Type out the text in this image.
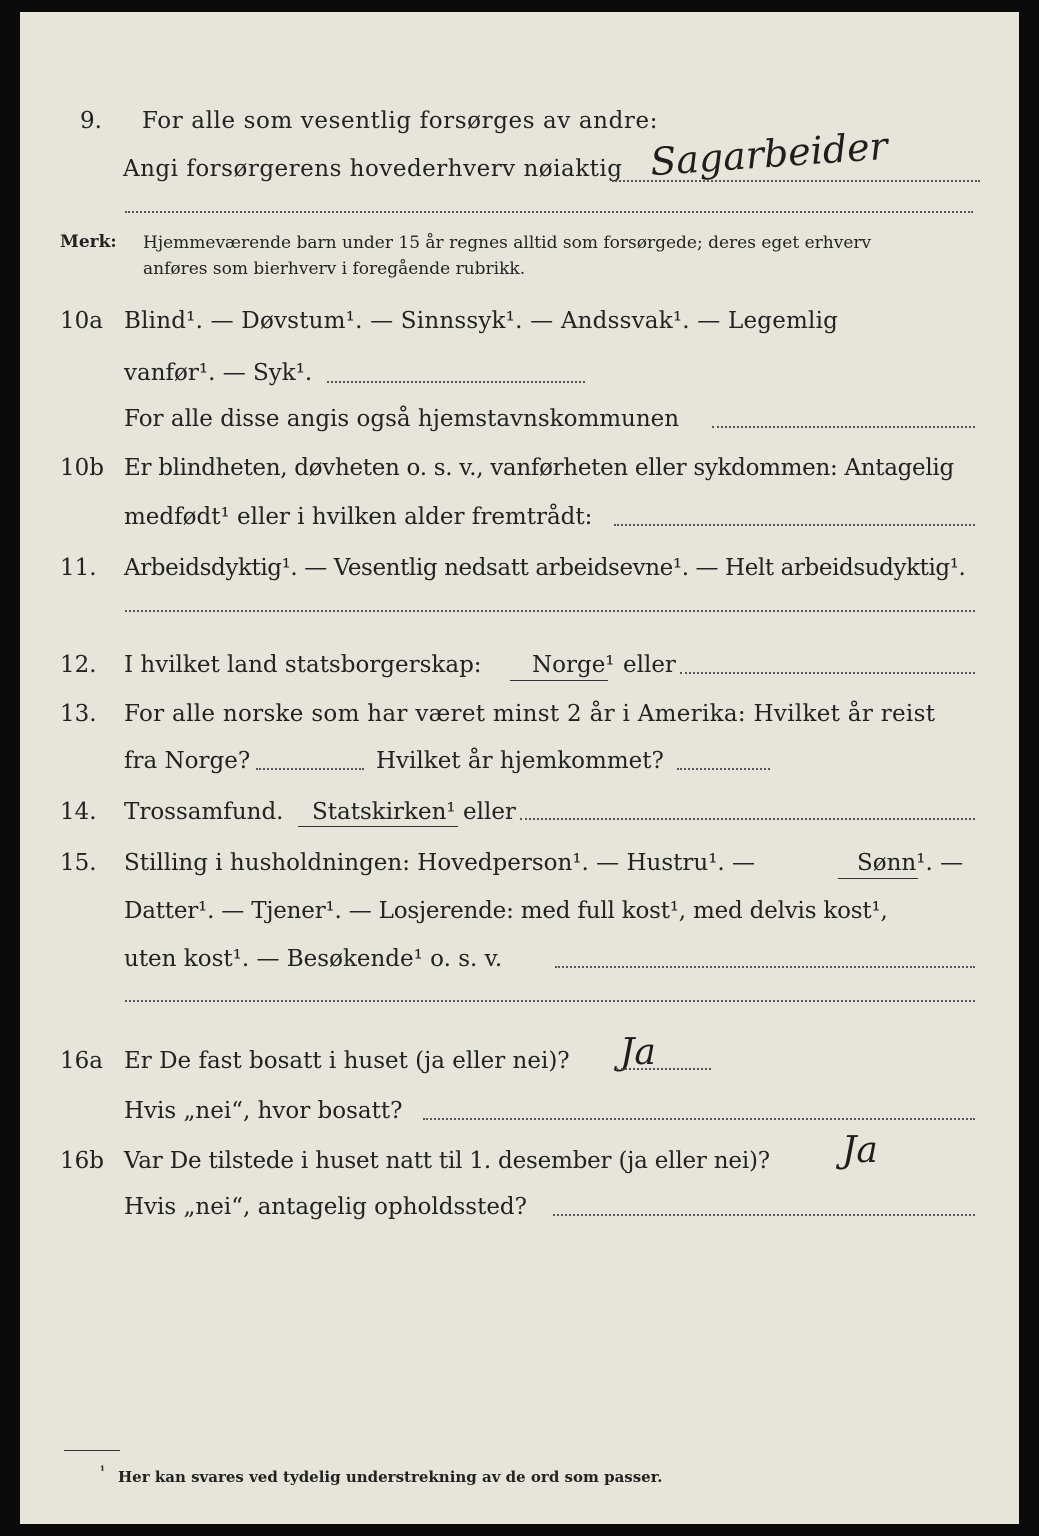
9. For alle som vesentlig forsørges av andre:
Angi forsørgerens hovederhverv nøiaktig Sagarbeider
Merk: Hjemmeværende barn under 15 år regnes alltid som forsørgede; deres eget erhverv
anføres som bierhverv i foregående rubrikk.
10a Blind¹. — Døvstum¹. — Sinnssyk¹. — Andssvak¹. — Legemlig
vanfør¹. — Syk¹.
For alle disse angis også hjemstavnskommunen
10b Er blindheten, døvheten o. s. v., vanførheten eller sykdommen: Antagelig
medfødt¹ eller i hvilken alder fremtrådt:
11. Arbeidsdyktig¹. — Vesentlig nedsatt arbeidsevne¹. — Helt arbeidsudyktig¹.
12. I hvilket land statsborgerskap: Norge¹ eller
13. For alle norske som har været minst 2 år i Amerika: Hvilket år reist
fra Norge?	Hvilket år hjemkommet?
14. Trossamfund. Statskirken¹ eller
15. Stilling i husholdningen: Hovedperson¹. — Hustru¹. —	Sønn¹. —
Datter¹. — Tjener¹. — Losjerende: med full kost¹, med delvis kost¹,
uten kost¹. — Besøkende¹ o. s. v.
16a Er De fast bosatt i huset (ja eller nei)? Ja
Hvis „nei“, hvor bosatt?
16b Var De tilstede i huset natt til 1. desember (ja eller nei)? Ja
Hvis „nei“, antagelig opholdssted?
¹ Her kan svares ved tydelig understrekning av de ord som passer.
